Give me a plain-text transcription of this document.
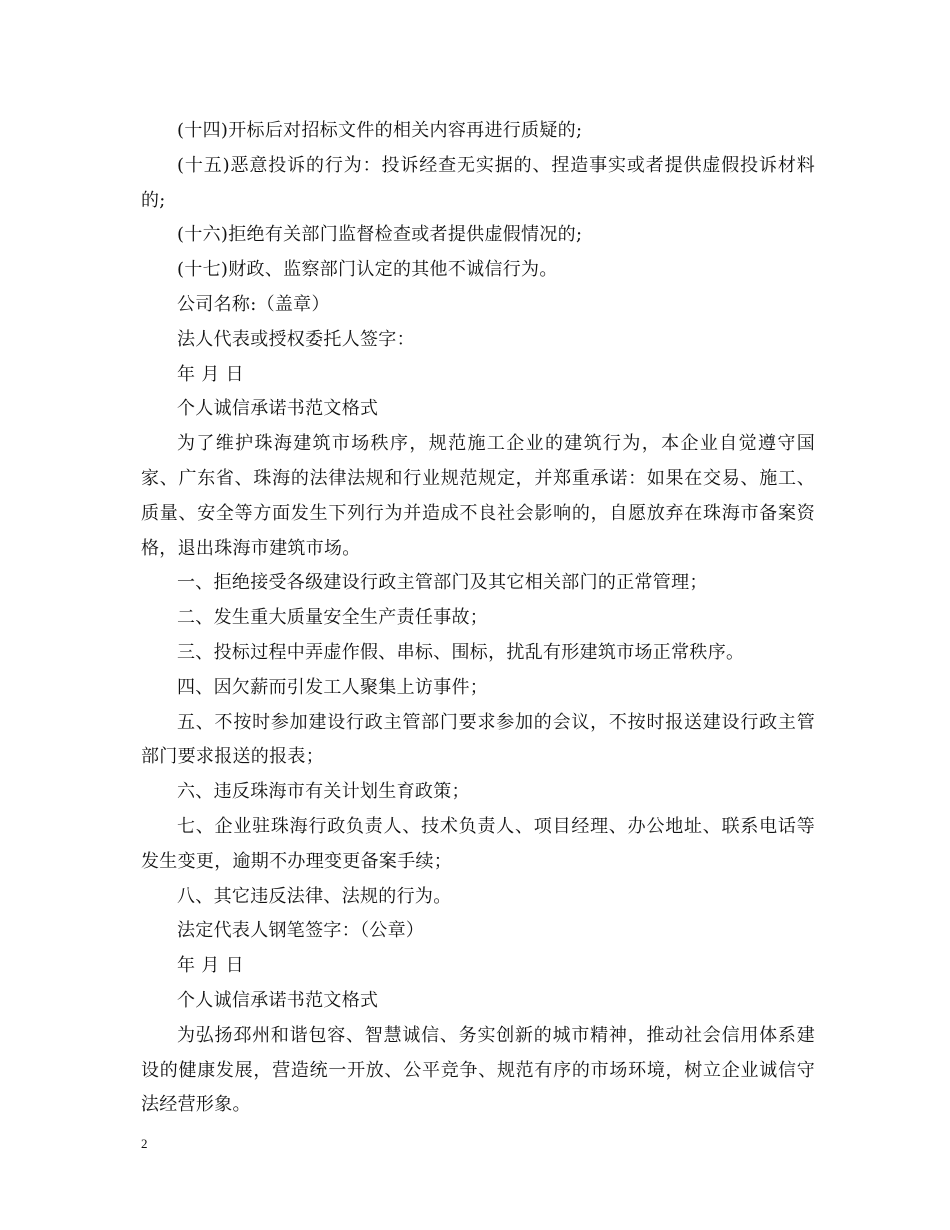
(十四)开标后对招标文件的相关内容再进行质疑的;

(十五)恶意投诉的行为：投诉经查无实据的、捏造事实或者提供虚假投诉材料的;

(十六)拒绝有关部门监督检查或者提供虚假情况的;

(十七)财政、监察部门认定的其他不诚信行为。

公司名称:（盖章）

法人代表或授权委托人签字：

年 月 日

个人诚信承诺书范文格式

为了维护珠海建筑市场秩序，规范施工企业的建筑行为，本企业自觉遵守国家、广东省、珠海的法律法规和行业规范规定，并郑重承诺：如果在交易、施工、质量、安全等方面发生下列行为并造成不良社会影响的，自愿放弃在珠海市备案资格，退出珠海市建筑市场。

一、拒绝接受各级建设行政主管部门及其它相关部门的正常管理；

二、发生重大质量安全生产责任事故；

三、投标过程中弄虚作假、串标、围标，扰乱有形建筑市场正常秩序。

四、因欠薪而引发工人聚集上访事件；

五、不按时参加建设行政主管部门要求参加的会议，不按时报送建设行政主管部门要求报送的报表；

六、违反珠海市有关计划生育政策；

七、企业驻珠海行政负责人、技术负责人、项目经理、办公地址、联系电话等发生变更，逾期不办理变更备案手续；

八、其它违反法律、法规的行为。

法定代表人钢笔签字：（公章）

年 月 日

个人诚信承诺书范文格式

为弘扬邳州和谐包容、智慧诚信、务实创新的城市精神，推动社会信用体系建设的健康发展，营造统一开放、公平竞争、规范有序的市场环境，树立企业诚信守法经营形象。

2
